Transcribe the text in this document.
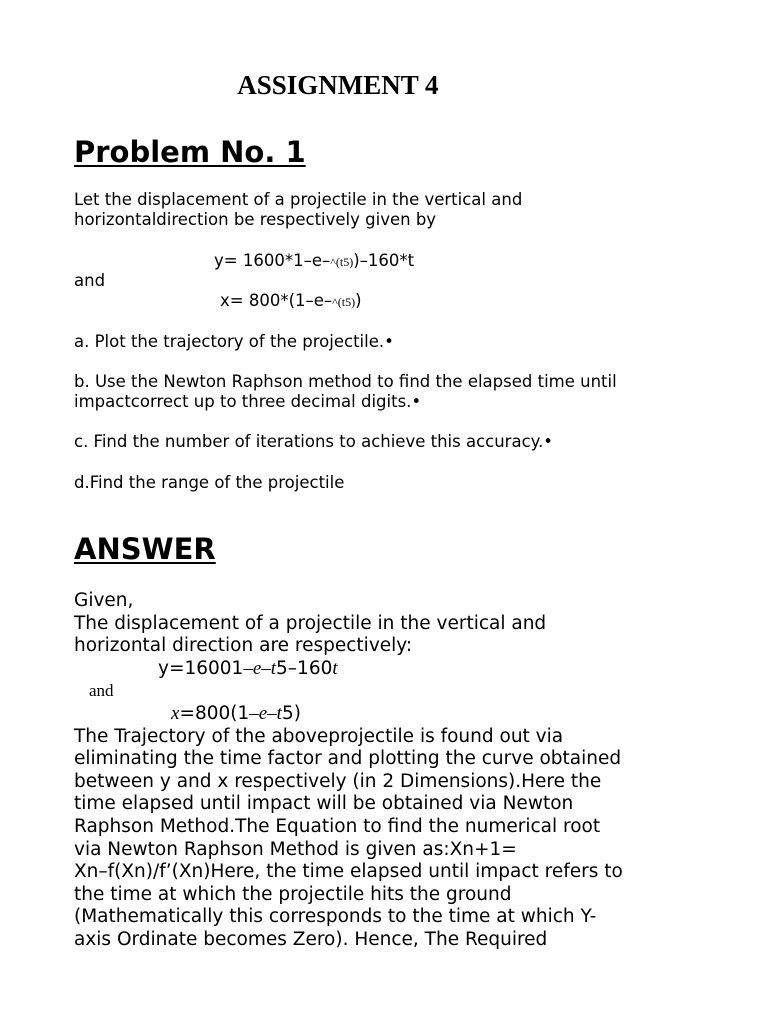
ASSIGNMENT 4
Problem No. 1

Let the displacement of a projectile in the vertical and

horizontaldirection be respectively given by

y= 1600*1–e–^(t5))–160*t

and

x= 800*(1–e–^(t5))

a. Plot the trajectory of the projectile.•

b. Use the Newton Raphson method to find the elapsed time until

impactcorrect up to three decimal digits.•

c. Find the number of iterations to achieve this accuracy.•

d.Find the range of the projectile

ANSWER
Given,
The displacement of a projectile in the vertical and
horizontal direction are respectively:
y=16001–e–t5–160t
and
x=800(1–e–t5)
The Trajectory of the aboveprojectile is found out via
eliminating the time factor and plotting the curve obtained
between y and x respectively (in 2 Dimensions).Here the
time elapsed until impact will be obtained via Newton
Raphson Method.The Equation to find the numerical root
via Newton Raphson Method is given as:Xn+1=
Xn–f(Xn)/f’(Xn)Here, the time elapsed until impact refers to
the time at which the projectile hits the ground
(Mathematically this corresponds to the time at which Y-
axis Ordinate becomes Zero). Hence, The Required
